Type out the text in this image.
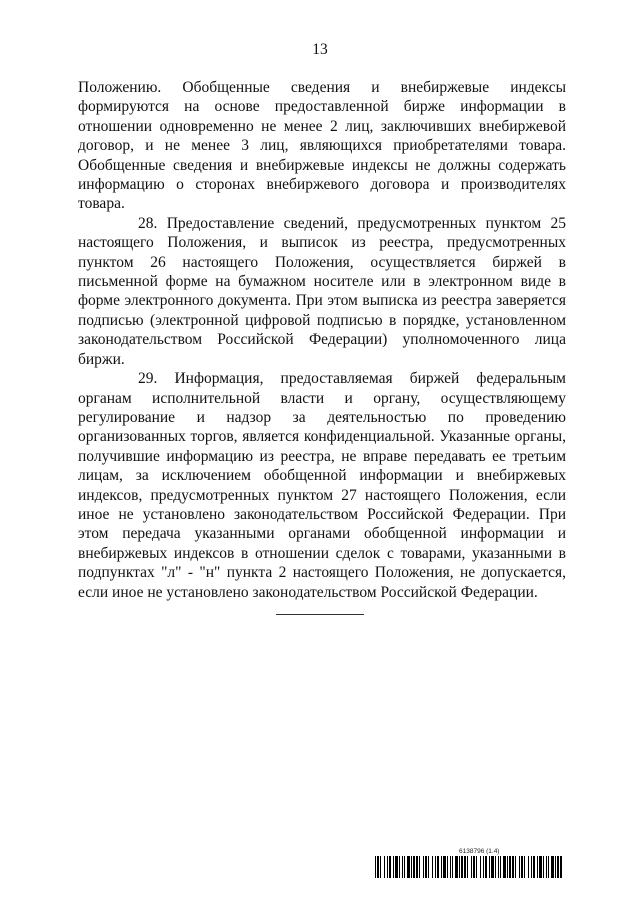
13

Положению. Обобщенные сведения и внебиржевые индексы формируются на основе предоставленной бирже информации в отношении одновременно не менее 2 лиц, заключивших внебиржевой договор, и не менее 3 лиц, являющихся приобретателями товара. Обобщенные сведения и внебиржевые индексы не должны содержать информацию о сторонах внебиржевого договора и производителях товара.

28. Предоставление сведений, предусмотренных пунктом 25 настоящего Положения, и выписок из реестра, предусмотренных пунктом 26 настоящего Положения, осуществляется биржей в письменной форме на бумажном носителе или в электронном виде в форме электронного документа. При этом выписка из реестра заверяется подписью (электронной цифровой подписью в порядке, установленном законодательством Российской Федерации) уполномоченного лица биржи.

29. Информация, предоставляемая биржей федеральным органам исполнительной власти и органу, осуществляющему регулирование и надзор за деятельностью по проведению организованных торгов, является конфиденциальной. Указанные органы, получившие информацию из реестра, не вправе передавать ее третьим лицам, за исключением обобщенной информации и внебиржевых индексов, предусмотренных пунктом 27 настоящего Положения, если иное не установлено законодательством Российской Федерации. При этом передача указанными органами обобщенной информации и внебиржевых индексов в отношении сделок с товарами, указанными в подпунктах "л" - "н" пункта 2 настоящего Положения, не допускается, если иное не установлено законодательством Российской Федерации.

6138796 (1.4)
